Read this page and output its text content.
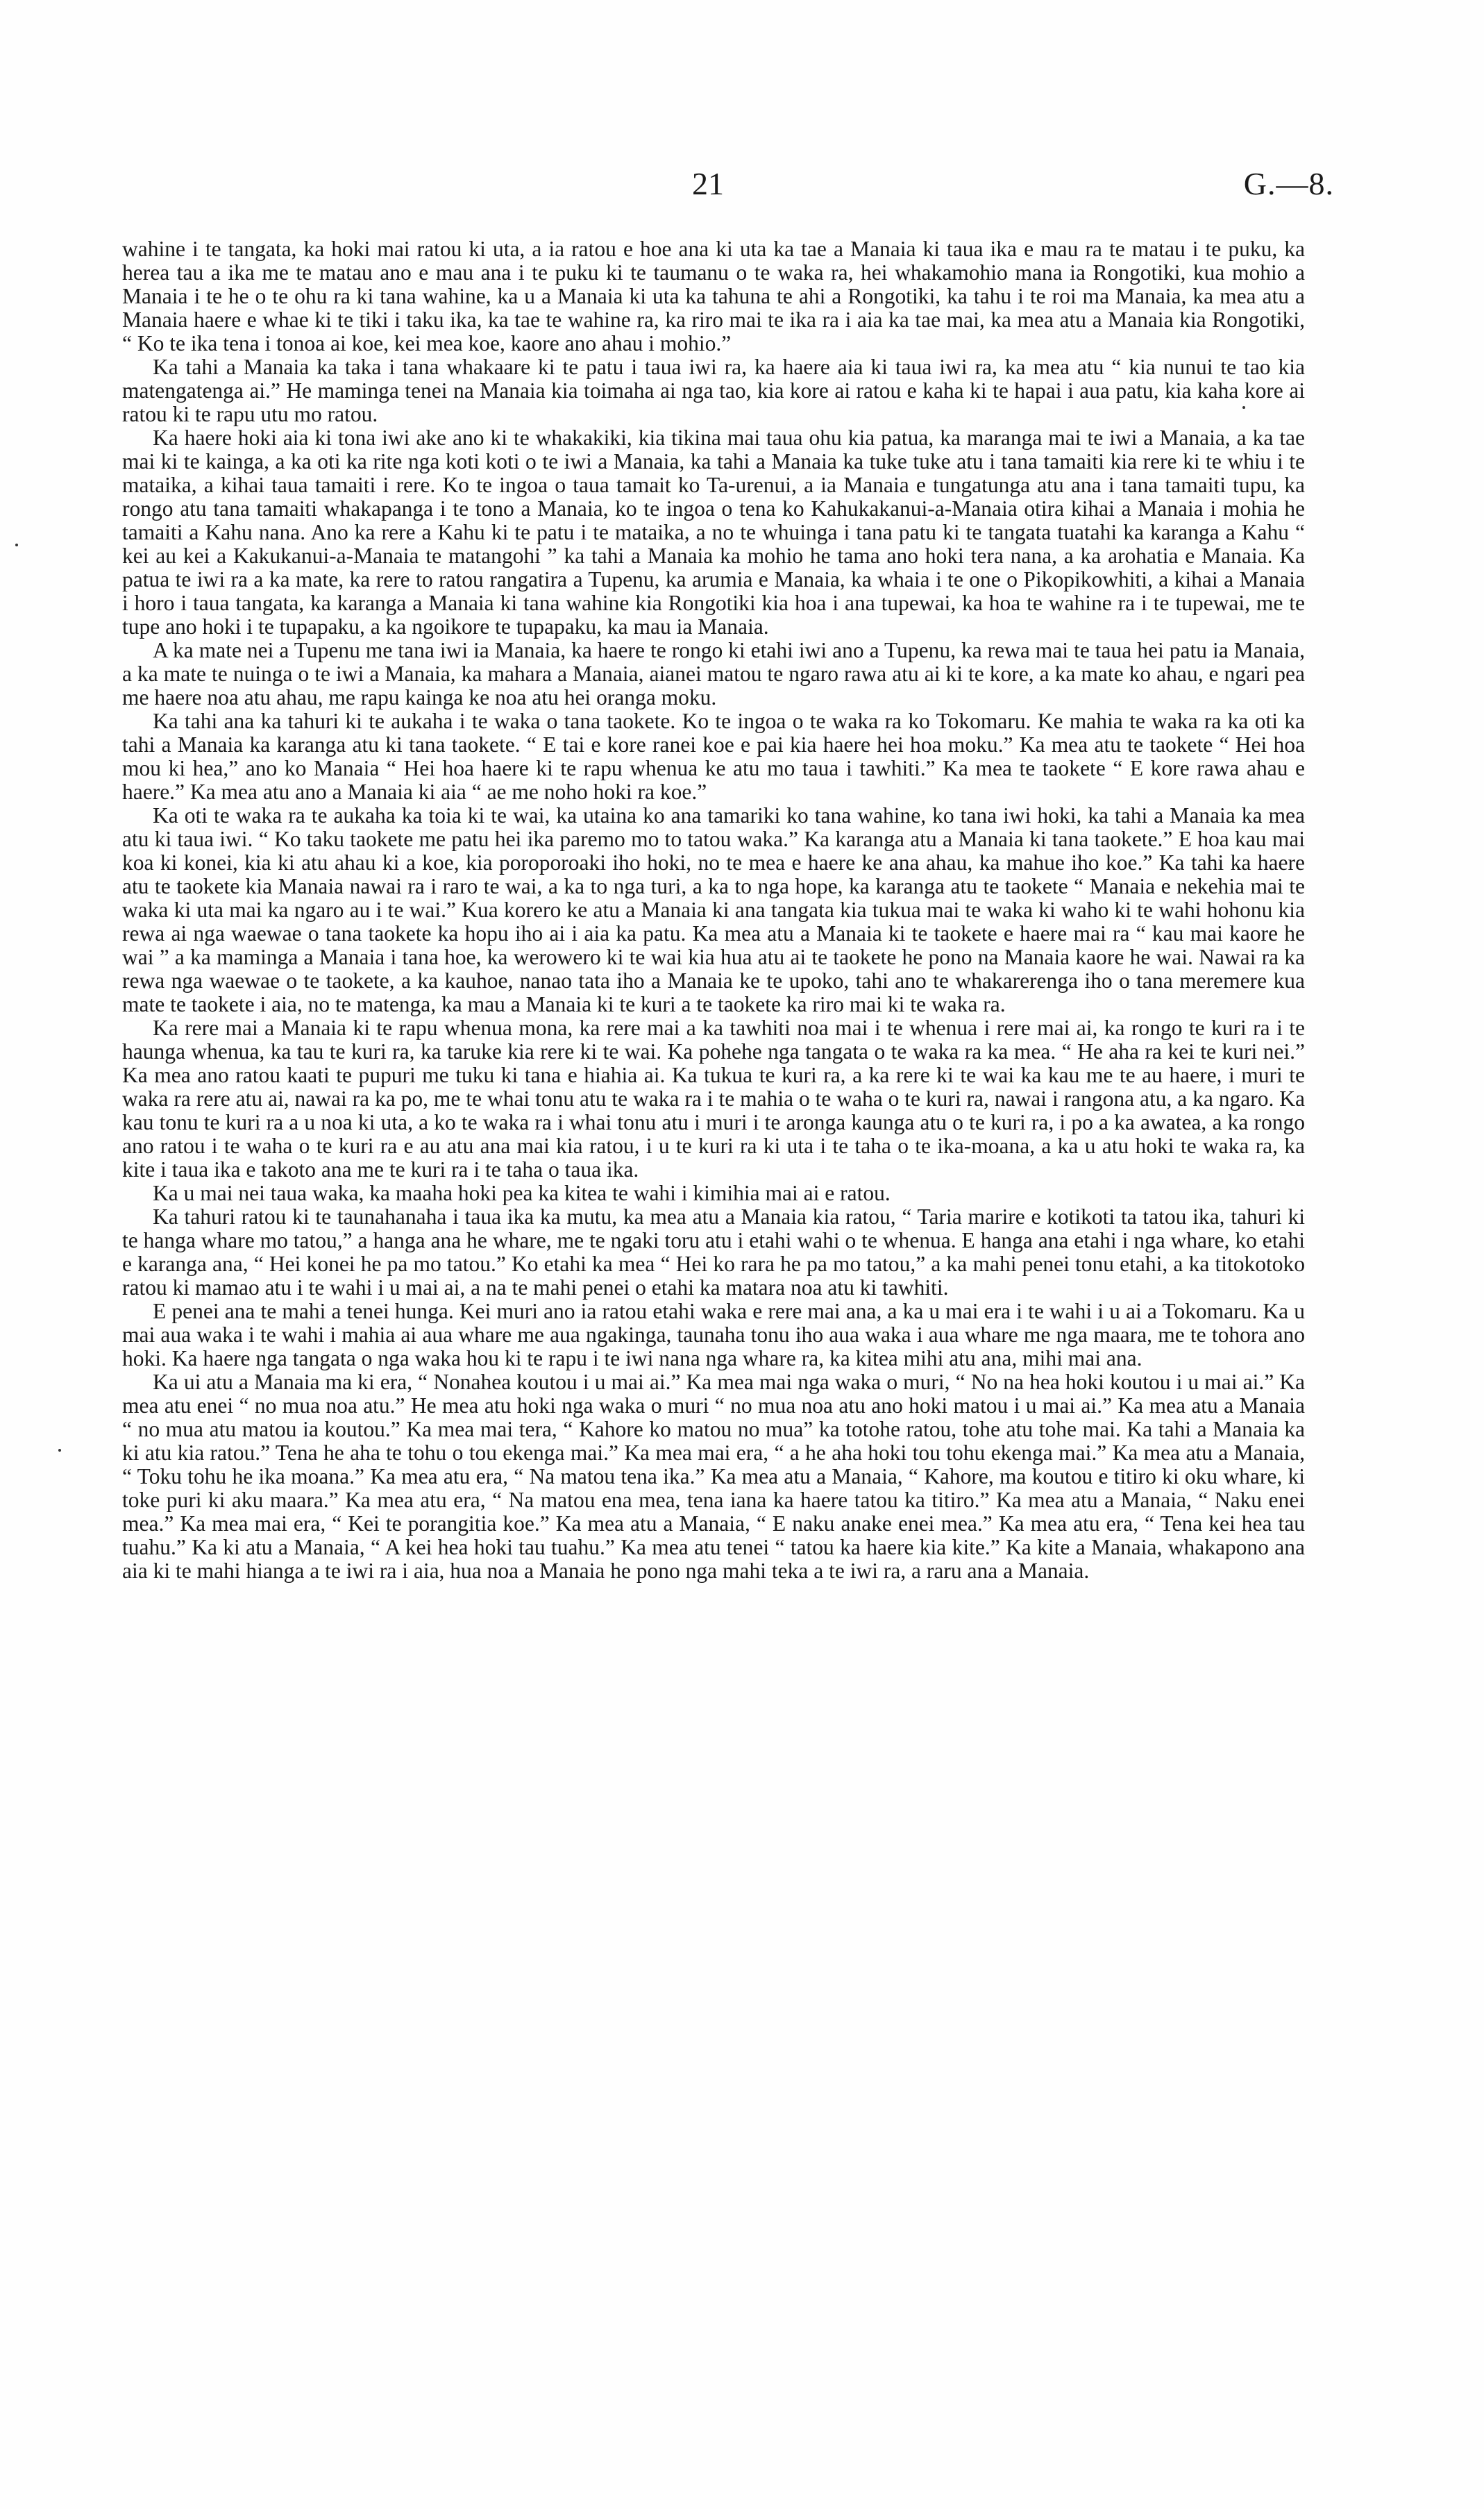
21	G.—8.

wahine i te tangata, ka hoki mai ratou ki uta, a ia ratou e hoe ana ki uta ka tae a Manaia ki taua ika e mau ra te matau i te puku, ka herea tau a ika me te matau ano e mau ana i te puku ki te taumanu o te waka ra, hei whakamohio mana ia Rongotiki, kua mohio a Manaia i te he o te ohu ra ki tana wahine, ka u a Manaia ki uta ka tahuna te ahi a Rongotiki, ka tahu i te roi ma Manaia, ka mea atu a Manaia haere e whae ki te tiki i taku ika, ka tae te wahine ra, ka riro mai te ika ra i aia ka tae mai, ka mea atu a Manaia kia Rongotiki, “ Ko te ika tena i tonoa ai koe, kei mea koe, kaore ano ahau i mohio.”

Ka tahi a Manaia ka taka i tana whakaare ki te patu i taua iwi ra, ka haere aia ki taua iwi ra, ka mea atu “ kia nunui te tao kia matengatenga ai.” He maminga tenei na Manaia kia toimaha ai nga tao, kia kore ai ratou e kaha ki te hapai i aua patu, kia kaha kore ai ratou ki te rapu utu mo ratou.

Ka haere hoki aia ki tona iwi ake ano ki te whakakiki, kia tikina mai taua ohu kia patua, ka maranga mai te iwi a Manaia, a ka tae mai ki te kainga, a ka oti ka rite nga koti koti o te iwi a Manaia, ka tahi a Manaia ka tuke tuke atu i tana tamaiti kia rere ki te whiu i te mataika, a kihai taua tamaiti i rere. Ko te ingoa o taua tamait ko Ta-urenui, a ia Manaia e tungatunga atu ana i tana tamaiti tupu, ka rongo atu tana tamaiti whakapanga i te tono a Manaia, ko te ingoa o tena ko Kahukakanui-a-Manaia otira kihai a Manaia i mohia he tamaiti a Kahu nana. Ano ka rere a Kahu ki te patu i te mataika, a no te whuinga i tana patu ki te tangata tuatahi ka karanga a Kahu “ kei au kei a Kakukanui-a-Manaia te matangohi ” ka tahi a Manaia ka mohio he tama ano hoki tera nana, a ka arohatia e Manaia. Ka patua te iwi ra a ka mate, ka rere to ratou rangatira a Tupenu, ka arumia e Manaia, ka whaia i te one o Pikopikowhiti, a kihai a Manaia i horo i taua tangata, ka karanga a Manaia ki tana wahine kia Rongotiki kia hoa i ana tupewai, ka hoa te wahine ra i te tupewai, me te tupe ano hoki i te tupapaku, a ka ngoikore te tupapaku, ka mau ia Manaia.

A ka mate nei a Tupenu me tana iwi ia Manaia, ka haere te rongo ki etahi iwi ano a Tupenu, ka rewa mai te taua hei patu ia Manaia, a ka mate te nuinga o te iwi a Manaia, ka mahara a Manaia, aianei matou te ngaro rawa atu ai ki te kore, a ka mate ko ahau, e ngari pea me haere noa atu ahau, me rapu kainga ke noa atu hei oranga moku.

Ka tahi ana ka tahuri ki te aukaha i te waka o tana taokete. Ko te ingoa o te waka ra ko Tokomaru. Ke mahia te waka ra ka oti ka tahi a Manaia ka karanga atu ki tana taokete. “ E tai e kore ranei koe e pai kia haere hei hoa moku.” Ka mea atu te taokete “ Hei hoa mou ki hea,” ano ko Manaia “ Hei hoa haere ki te rapu whenua ke atu mo taua i tawhiti.” Ka mea te taokete “ E kore rawa ahau e haere.” Ka mea atu ano a Manaia ki aia “ ae me noho hoki ra koe.”

Ka oti te waka ra te aukaha ka toia ki te wai, ka utaina ko ana tamariki ko tana wahine, ko tana iwi hoki, ka tahi a Manaia ka mea atu ki taua iwi. “ Ko taku taokete me patu hei ika paremo mo to tatou waka.” Ka karanga atu a Manaia ki tana taokete.” E hoa kau mai koa ki konei, kia ki atu ahau ki a koe, kia poroporoaki iho hoki, no te mea e haere ke ana ahau, ka mahue iho koe.” Ka tahi ka haere atu te taokete kia Manaia nawai ra i raro te wai, a ka to nga turi, a ka to nga hope, ka karanga atu te taokete “ Manaia e nekehia mai te waka ki uta mai ka ngaro au i te wai.” Kua korero ke atu a Manaia ki ana tangata kia tukua mai te waka ki waho ki te wahi hohonu kia rewa ai nga waewae o tana taokete ka hopu iho ai i aia ka patu. Ka mea atu a Manaia ki te taokete e haere mai ra “ kau mai kaore he wai ” a ka maminga a Manaia i tana hoe, ka werowero ki te wai kia hua atu ai te taokete he pono na Manaia kaore he wai. Nawai ra ka rewa nga waewae o te taokete, a ka kauhoe, nanao tata iho a Manaia ke te upoko, tahi ano te whakarerenga iho o tana meremere kua mate te taokete i aia, no te matenga, ka mau a Manaia ki te kuri a te taokete ka riro mai ki te waka ra.

Ka rere mai a Manaia ki te rapu whenua mona, ka rere mai a ka tawhiti noa mai i te whenua i rere mai ai, ka rongo te kuri ra i te haunga whenua, ka tau te kuri ra, ka taruke kia rere ki te wai. Ka pohehe nga tangata o te waka ra ka mea. “ He aha ra kei te kuri nei.” Ka mea ano ratou kaati te pupuri me tuku ki tana e hiahia ai. Ka tukua te kuri ra, a ka rere ki te wai ka kau me te au haere, i muri te waka ra rere atu ai, nawai ra ka po, me te whai tonu atu te waka ra i te mahia o te waha o te kuri ra, nawai i rangona atu, a ka ngaro. Ka kau tonu te kuri ra a u noa ki uta, a ko te waka ra i whai tonu atu i muri i te aronga kaunga atu o te kuri ra, i po a ka awatea, a ka rongo ano ratou i te waha o te kuri ra e au atu ana mai kia ratou, i u te kuri ra ki uta i te taha o te ika-moana, a ka u atu hoki te waka ra, ka kite i taua ika e takoto ana me te kuri ra i te taha o taua ika.

Ka u mai nei taua waka, ka maaha hoki pea ka kitea te wahi i kimihia mai ai e ratou.

Ka tahuri ratou ki te taunahanaha i taua ika ka mutu, ka mea atu a Manaia kia ratou, “ Taria marire e kotikoti ta tatou ika, tahuri ki te hanga whare mo tatou,” a hanga ana he whare, me te ngaki toru atu i etahi wahi o te whenua. E hanga ana etahi i nga whare, ko etahi e karanga ana, “ Hei konei he pa mo tatou.” Ko etahi ka mea “ Hei ko rara he pa mo tatou,” a ka mahi penei tonu etahi, a ka titokotoko ratou ki mamao atu i te wahi i u mai ai, a na te mahi penei o etahi ka matara noa atu ki tawhiti.

E penei ana te mahi a tenei hunga. Kei muri ano ia ratou etahi waka e rere mai ana, a ka u mai era i te wahi i u ai a Tokomaru. Ka u mai aua waka i te wahi i mahia ai aua whare me aua ngakinga, taunaha tonu iho aua waka i aua whare me nga maara, me te tohora ano hoki. Ka haere nga tangata o nga waka hou ki te rapu i te iwi nana nga whare ra, ka kitea mihi atu ana, mihi mai ana.

Ka ui atu a Manaia ma ki era, “ Nonahea koutou i u mai ai.” Ka mea mai nga waka o muri, “ No na hea hoki koutou i u mai ai.” Ka mea atu enei “ no mua noa atu.” He mea atu hoki nga waka o muri “ no mua noa atu ano hoki matou i u mai ai.” Ka mea atu a Manaia “ no mua atu matou ia koutou.” Ka mea mai tera, “ Kahore ko matou no mua” ka totohe ratou, tohe atu tohe mai. Ka tahi a Manaia ka ki atu kia ratou.” Tena he aha te tohu o tou ekenga mai.” Ka mea mai era, “ a he aha hoki tou tohu ekenga mai.” Ka mea atu a Manaia, “ Toku tohu he ika moana.” Ka mea atu era, “ Na matou tena ika.” Ka mea atu a Manaia, “ Kahore, ma koutou e titiro ki oku whare, ki toke puri ki aku maara.” Ka mea atu era, “ Na matou ena mea, tena iana ka haere tatou ka titiro.” Ka mea atu a Manaia, “ Naku enei mea.” Ka mea mai era, “ Kei te porangitia koe.” Ka mea atu a Manaia, “ E naku anake enei mea.” Ka mea atu era, “ Tena kei hea tau tuahu.” Ka ki atu a Manaia, “ A kei hea hoki tau tuahu.” Ka mea atu tenei “ tatou ka haere kia kite.” Ka kite a Manaia, whakapono ana aia ki te mahi hianga a te iwi ra i aia, hua noa a Manaia he pono nga mahi teka a te iwi ra, a raru ana a Manaia.
